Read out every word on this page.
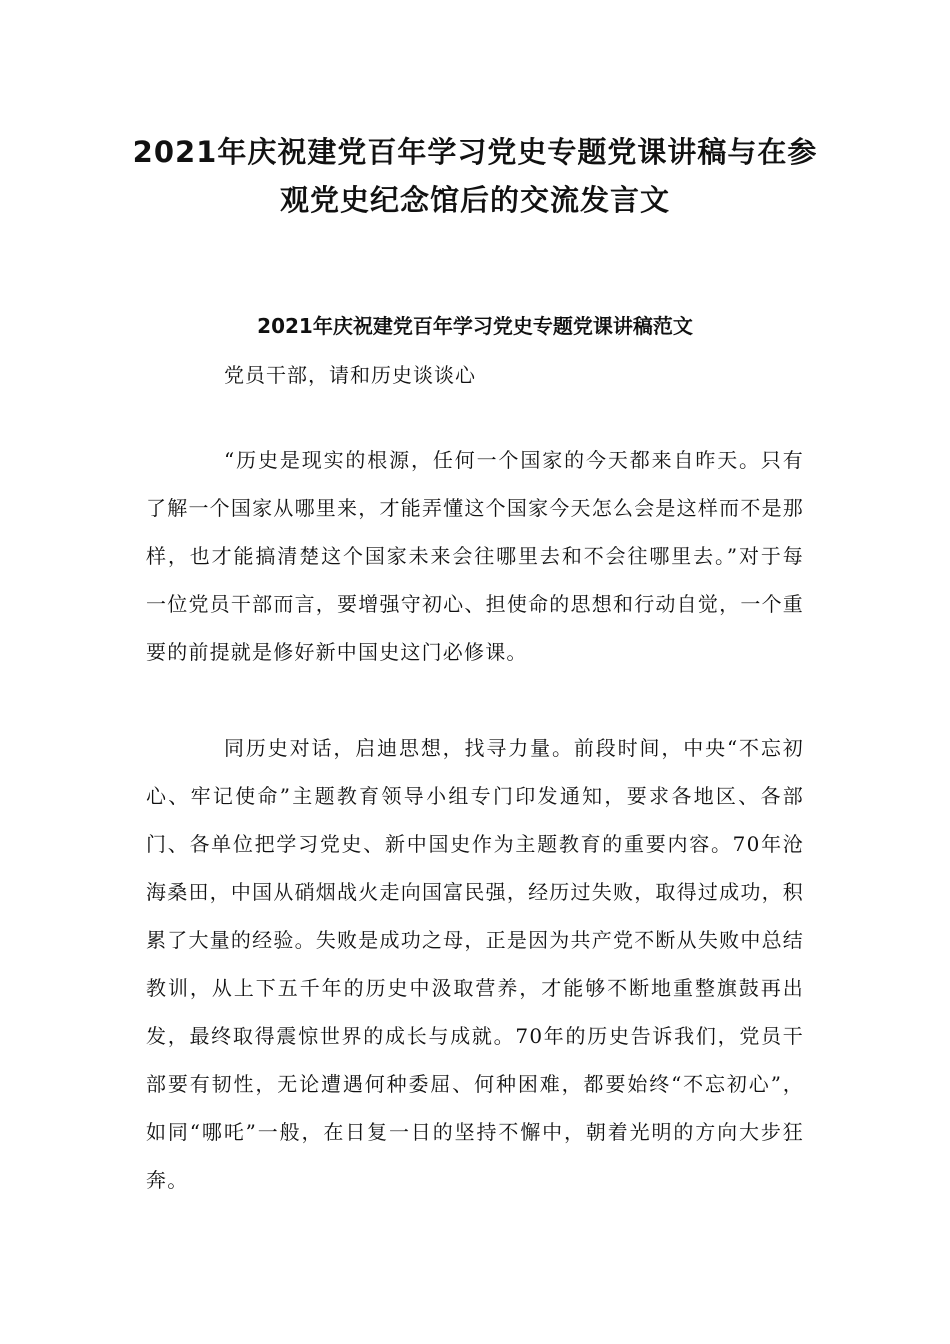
2021年庆祝建党百年学习党史专题党课讲稿与在参观党史纪念馆后的交流发言文
2021年庆祝建党百年学习党史专题党课讲稿范文

党员干部，请和历史谈谈心

“历史是现实的根源，任何一个国家的今天都来自昨天。只有了解一个国家从哪里来，才能弄懂这个国家今天怎么会是这样而不是那样，也才能搞清楚这个国家未来会往哪里去和不会往哪里去。”对于每一位党员干部而言，要增强守初心、担使命的思想和行动自觉，一个重要的前提就是修好新中国史这门必修课。

同历史对话，启迪思想，找寻力量。前段时间，中央“不忘初心、牢记使命”主题教育领导小组专门印发通知，要求各地区、各部门、各单位把学习党史、新中国史作为主题教育的重要内容。70年沧海桑田，中国从硝烟战火走向国富民强，经历过失败，取得过成功，积累了大量的经验。失败是成功之母，正是因为共产党不断从失败中总结教训，从上下五千年的历史中汲取营养，才能够不断地重整旗鼓再出发，最终取得震惊世界的成长与成就。70年的历史告诉我们，党员干部要有韧性，无论遭遇何种委屈、何种困难，都要始终“不忘初心”，如同“哪吒”一般，在日复一日的坚持不懈中，朝着光明的方向大步狂奔。
